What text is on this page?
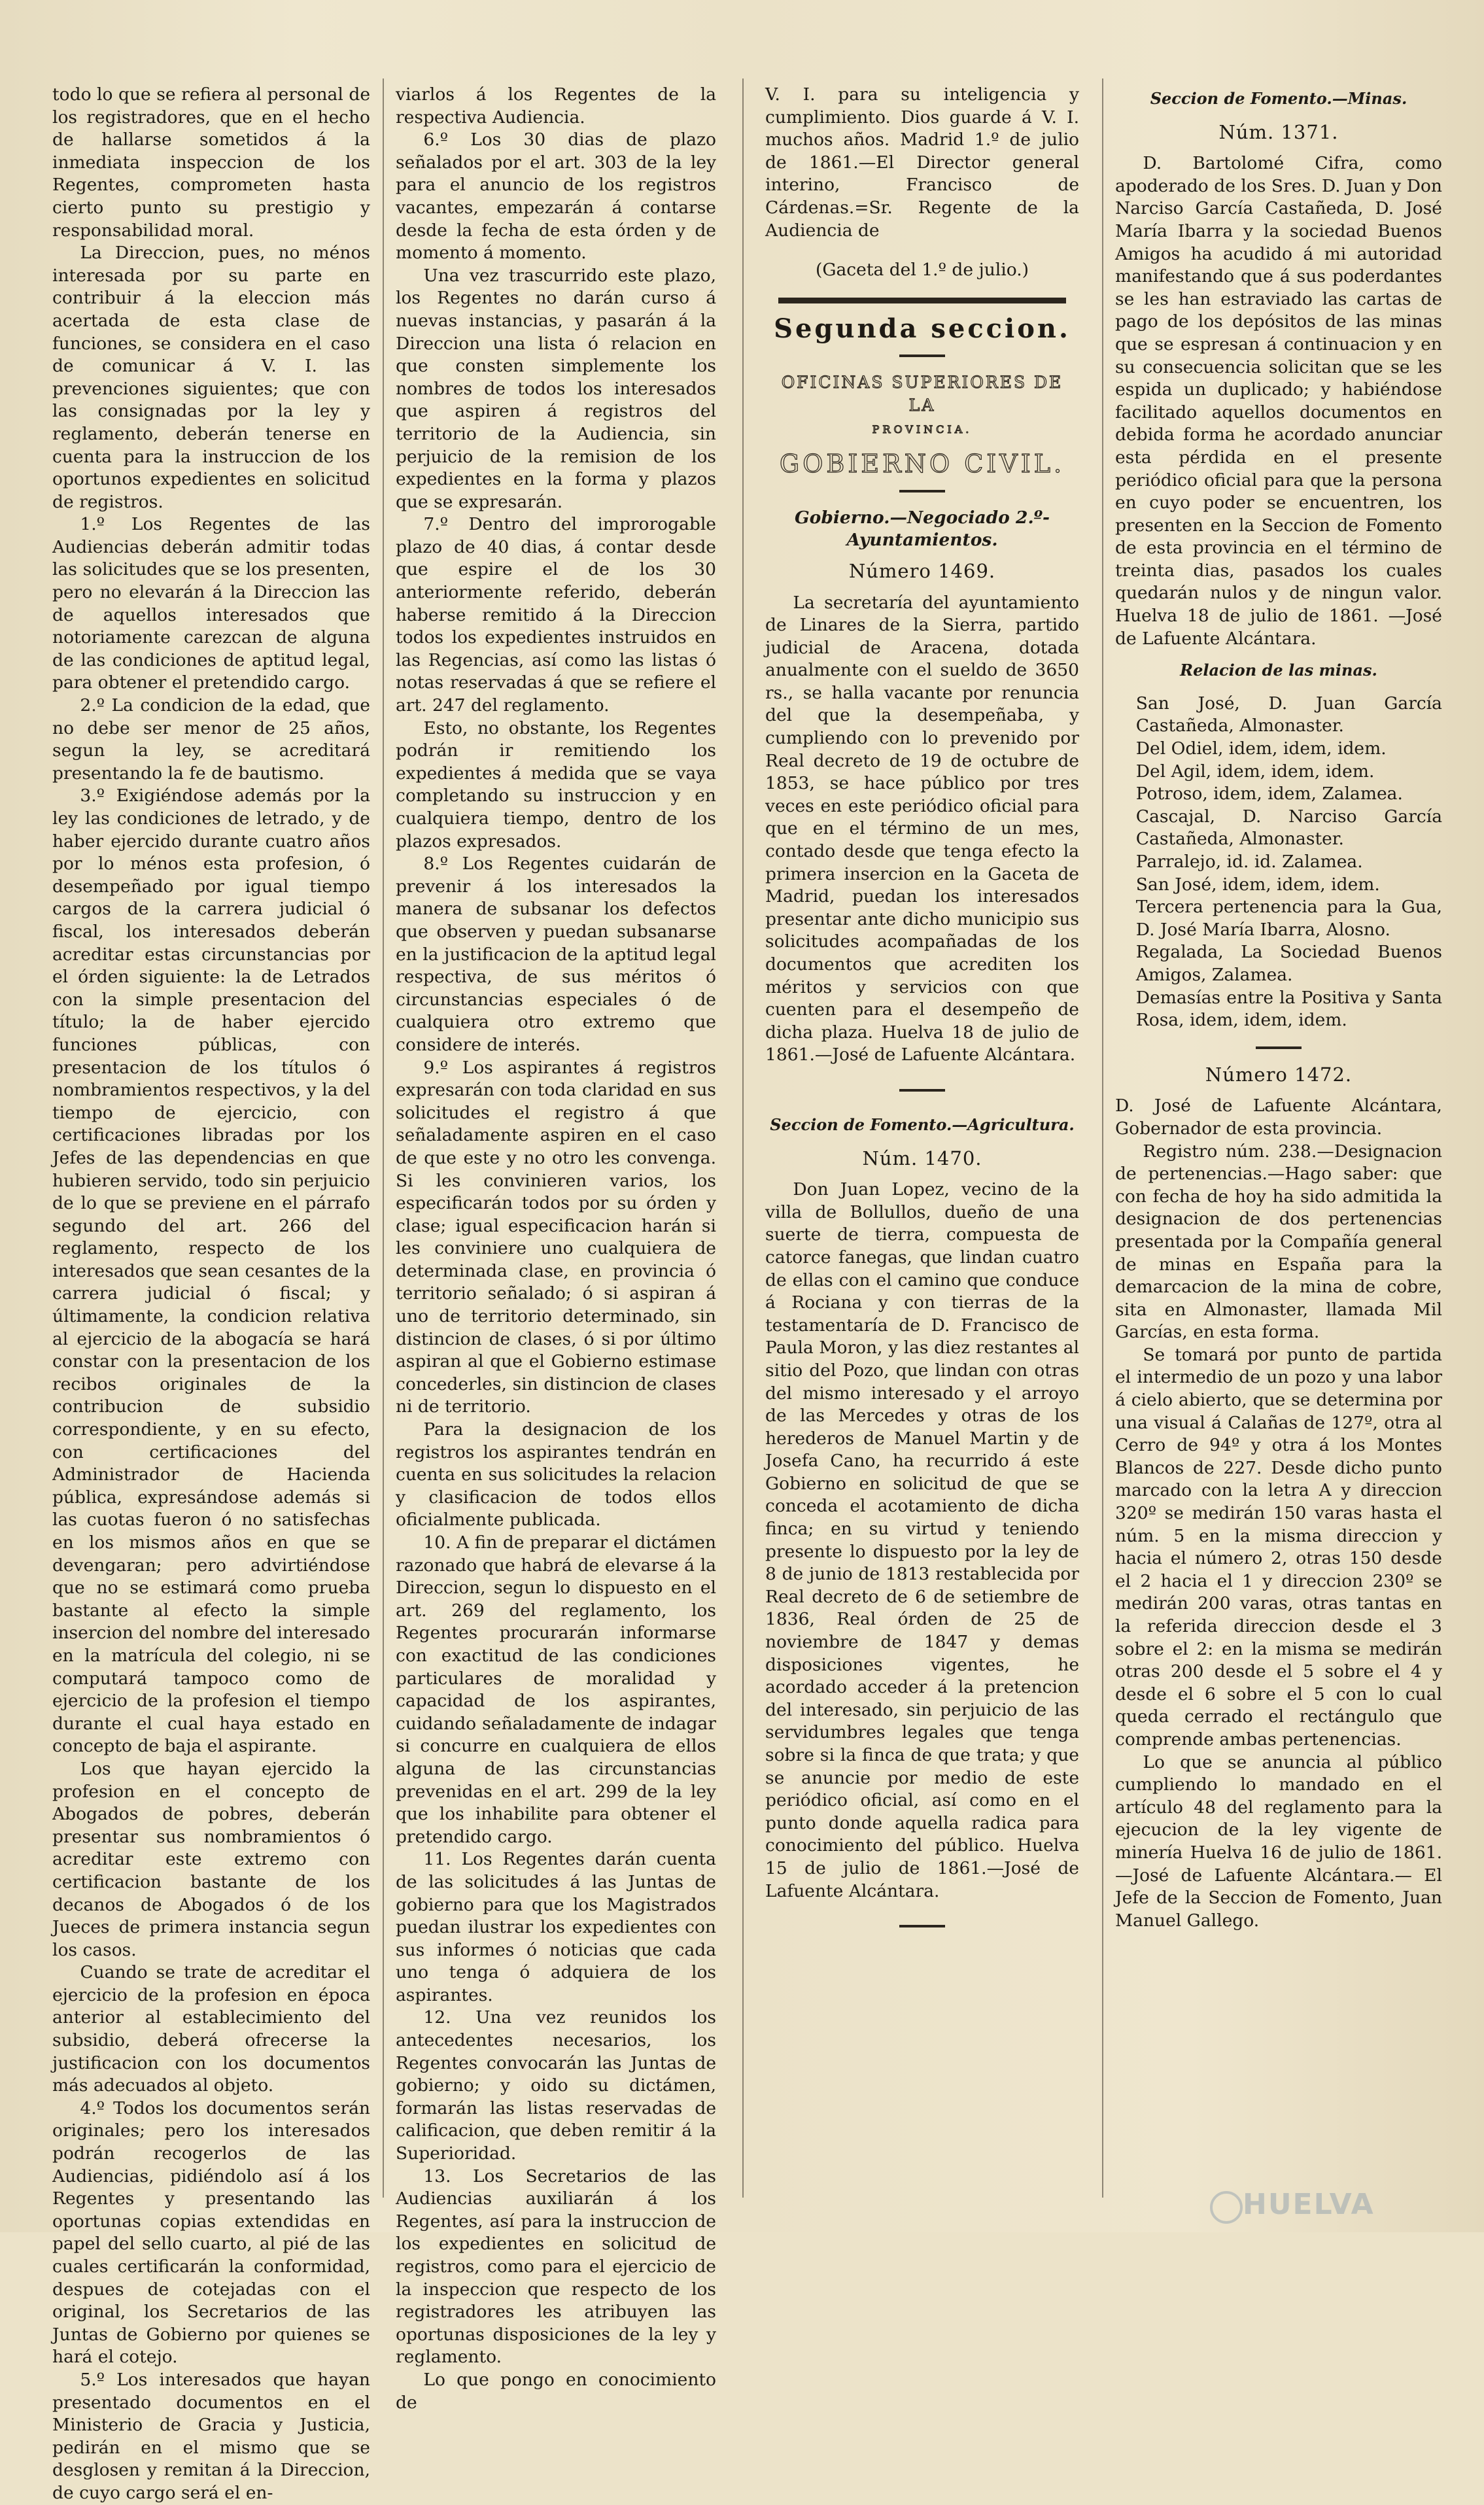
todo lo que se refiera al personal de los registradores, que en el hecho de hallarse sometidos á la inmediata inspeccion de los Regentes, comprometen hasta cierto punto su prestigio y responsabilidad moral.

La Direccion, pues, no ménos interesada por su parte en contribuir á la eleccion más acertada de esta clase de funciones, se considera en el caso de comunicar á V. I. las prevenciones siguientes; que con las consignadas por la ley y reglamento, deberán tenerse en cuenta para la instruccion de los oportunos expedientes en solicitud de registros.

1.º Los Regentes de las Audiencias deberán admitir todas las solicitudes que se los presenten, pero no elevarán á la Direccion las de aquellos interesados que notoriamente carezcan de alguna de las condiciones de aptitud legal, para obtener el pretendido cargo.

2.º La condicion de la edad, que no debe ser menor de 25 años, segun la ley, se acreditará presentando la fe de bautismo.

3.º Exigiéndose además por la ley las condiciones de letrado, y de haber ejercido durante cuatro años por lo ménos esta profesion, ó desempeñado por igual tiempo cargos de la carrera judicial ó fiscal, los interesados deberán acreditar estas circunstancias por el órden siguiente: la de Letrados con la simple presentacion del título; la de haber ejercido funciones públicas, con presentacion de los títulos ó nombramientos respectivos, y la del tiempo de ejercicio, con certificaciones libradas por los Jefes de las dependencias en que hubieren servido, todo sin perjuicio de lo que se previene en el párrafo segundo del art. 266 del reglamento, respecto de los interesados que sean cesantes de la carrera judicial ó fiscal; y últimamente, la condicion relativa al ejercicio de la abogacía se hará constar con la presentacion de los recibos originales de la contribucion de subsidio correspondiente, y en su efecto, con certificaciones del Administrador de Hacienda pública, expresándose además si las cuotas fueron ó no satisfechas en los mismos años en que se devengaran; pero advirtiéndose que no se estimará como prueba bastante al efecto la simple insercion del nombre del interesado en la matrícula del colegio, ni se computará tampoco como de ejercicio de la profesion el tiempo durante el cual haya estado en concepto de baja el aspirante.

Los que hayan ejercido la profesion en el concepto de Abogados de pobres, deberán presentar sus nombramientos ó acreditar este extremo con certificacion bastante de los decanos de Abogados ó de los Jueces de primera instancia segun los casos.

Cuando se trate de acreditar el ejercicio de la profesion en época anterior al establecimiento del subsidio, deberá ofrecerse la justificacion con los documentos más adecuados al objeto.

4.º Todos los documentos serán originales; pero los interesados podrán recogerlos de las Audiencias, pidiéndolo así á los Regentes y presentando las oportunas copias extendidas en papel del sello cuarto, al pié de las cuales certificarán la conformidad, despues de cotejadas con el original, los Secretarios de las Juntas de Gobierno por quienes se hará el cotejo.

5.º Los interesados que hayan presentado documentos en el Ministerio de Gracia y Justicia, pedirán en el mismo que se desglosen y remitan á la Direccion, de cuyo cargo será el en-

viarlos á los Regentes de la respectiva Audiencia.

6.º Los 30 dias de plazo señalados por el art. 303 de la ley para el anuncio de los registros vacantes, empezarán á contarse desde la fecha de esta órden y de momento á momento.

Una vez trascurrido este plazo, los Regentes no darán curso á nuevas instancias, y pasarán á la Direccion una lista ó relacion en que consten simplemente los nombres de todos los interesados que aspiren á registros del territorio de la Audiencia, sin perjuicio de la remision de los expedientes en la forma y plazos que se expresarán.

7.º Dentro del improrogable plazo de 40 dias, á contar desde que espire el de los 30 anteriormente referido, deberán haberse remitido á la Direccion todos los expedientes instruidos en las Regencias, así como las listas ó notas reservadas á que se refiere el art. 247 del reglamento.

Esto, no obstante, los Regentes podrán ir remitiendo los expedientes á medida que se vaya completando su instruccion y en cualquiera tiempo, dentro de los plazos expresados.

8.º Los Regentes cuidarán de prevenir á los interesados la manera de subsanar los defectos que observen y puedan subsanarse en la justificacion de la aptitud legal respectiva, de sus méritos ó circunstancias especiales ó de cualquiera otro extremo que considere de interés.

9.º Los aspirantes á registros expresarán con toda claridad en sus solicitudes el registro á que señaladamente aspiren en el caso de que este y no otro les convenga. Si les convinieren varios, los especificarán todos por su órden y clase; igual especificacion harán si les conviniere uno cualquiera de determinada clase, en provincia ó territorio señalado; ó si aspiran á uno de territorio determinado, sin distincion de clases, ó si por último aspiran al que el Gobierno estimase concederles, sin distincion de clases ni de territorio.

Para la designacion de los registros los aspirantes tendrán en cuenta en sus solicitudes la relacion y clasificacion de todos ellos oficialmente publicada.

10. A fin de preparar el dictámen razonado que habrá de elevarse á la Direccion, segun lo dispuesto en el art. 269 del reglamento, los Regentes procurarán informarse con exactitud de las condiciones particulares de moralidad y capacidad de los aspirantes, cuidando señaladamente de indagar si concurre en cualquiera de ellos alguna de las circunstancias prevenidas en el art. 299 de la ley que los inhabilite para obtener el pretendido cargo.

11. Los Regentes darán cuenta de las solicitudes á las Juntas de gobierno para que los Magistrados puedan ilustrar los expedientes con sus informes ó noticias que cada uno tenga ó adquiera de los aspirantes.

12. Una vez reunidos los antecedentes necesarios, los Regentes convocarán las Juntas de gobierno; y oido su dictámen, formarán las listas reservadas de calificacion, que deben remitir á la Superioridad.

13. Los Secretarios de las Audiencias auxiliarán á los Regentes, así para la instruccion de los expedientes en solicitud de registros, como para el ejercicio de la inspeccion que respecto de los registradores les atribuyen las oportunas disposiciones de la ley y reglamento.

Lo que pongo en conocimiento de

V. I. para su inteligencia y cumplimiento. Dios guarde á V. I. muchos años. Madrid 1.º de julio de 1861.—El Director general interino, Francisco de Cárdenas.=Sr. Regente de la Audiencia de

(Gaceta del 1.º de julio.)

Segunda seccion.
OFICINAS SUPERIORES DE LA
PROVINCIA.
GOBIERNO CIVIL.

Gobierno.—Negociado 2.º-Ayuntamientos.

Número 1469.

La secretaría del ayuntamiento de Linares de la Sierra, partido judicial de Aracena, dotada anualmente con el sueldo de 3650 rs., se halla vacante por renuncia del que la desempeñaba, y cumpliendo con lo prevenido por Real decreto de 19 de octubre de 1853, se hace público por tres veces en este periódico oficial para que en el término de un mes, contado desde que tenga efecto la primera insercion en la Gaceta de Madrid, puedan los interesados presentar ante dicho municipio sus solicitudes acompañadas de los documentos que acrediten los méritos y servicios con que cuenten para el desempeño de dicha plaza. Huelva 18 de julio de 1861.—José de Lafuente Alcántara.

Seccion de Fomento.—Agricultura.
Núm. 1470.

Don Juan Lopez, vecino de la villa de Bollullos, dueño de una suerte de tierra, compuesta de catorce fanegas, que lindan cuatro de ellas con el camino que conduce á Rociana y con tierras de la testamentaría de D. Francisco de Paula Moron, y las diez restantes al sitio del Pozo, que lindan con otras del mismo interesado y el arroyo de las Mercedes y otras de los herederos de Manuel Martin y de Josefa Cano, ha recurrido á este Gobierno en solicitud de que se conceda el acotamiento de dicha finca; en su virtud y teniendo presente lo dispuesto por la ley de 8 de junio de 1813 restablecida por Real decreto de 6 de setiembre de 1836, Real órden de 25 de noviembre de 1847 y demas disposiciones vigentes, he acordado acceder á la pretencion del interesado, sin perjuicio de las servidumbres legales que tenga sobre si la finca de que trata; y que se anuncie por medio de este periódico oficial, así como en el punto donde aquella radica para conocimiento del público. Huelva 15 de julio de 1861.—José de Lafuente Alcántara.

Seccion de Fomento.—Minas.
Núm. 1371.

D. Bartolomé Cifra, como apoderado de los Sres. D. Juan y Don Narciso García Castañeda, D. José María Ibarra y la sociedad Buenos Amigos ha acudido á mi autoridad manifestando que á sus poderdantes se les han estraviado las cartas de pago de los depósitos de las minas que se espresan á continuacion y en su consecuencia solicitan que se les espida un duplicado; y habiéndose facilitado aquellos documentos en debida forma he acordado anunciar esta pérdida en el presente periódico oficial para que la persona en cuyo poder se encuentren, los presenten en la Seccion de Fomento de esta provincia en el término de treinta dias, pasados los cuales quedarán nulos y de ningun valor. Huelva 18 de julio de 1861. —José de Lafuente Alcántara.

Relacion de las minas.

San José, D. Juan García Castañeda, Almonaster.

Del Odiel, idem, idem, idem.

Del Agil, idem, idem, idem.

Potroso, idem, idem, Zalamea.

Cascajal, D. Narciso García Castañeda, Almonaster.

Parralejo, id. id. Zalamea.

San José, idem, idem, idem.

Tercera pertenencia para la Gua, D. José María Ibarra, Alosno.

Regalada, La Sociedad Buenos Amigos, Zalamea.

Demasías entre la Positiva y Santa Rosa, idem, idem, idem.

Número 1472.

D. José de Lafuente Alcántara, Gobernador de esta provincia.

Registro núm. 238.—Designacion de pertenencias.—Hago saber: que con fecha de hoy ha sido admitida la designacion de dos pertenencias presentada por la Compañía general de minas en España para la demarcacion de la mina de cobre, sita en Almonaster, llamada Mil Garcías, en esta forma.

Se tomará por punto de partida el intermedio de un pozo y una labor á cielo abierto, que se determina por una visual á Calañas de 127º, otra al Cerro de 94º y otra á los Montes Blancos de 227. Desde dicho punto marcado con la letra A y direccion 320º se medirán 150 varas hasta el núm. 5 en la misma direccion y hacia el número 2, otras 150 desde el 2 hacia el 1 y direccion 230º se medirán 200 varas, otras tantas en la referida direccion desde el 3 sobre el 2: en la misma se medirán otras 200 desde el 5 sobre el 4 y desde el 6 sobre el 5 con lo cual queda cerrado el rectángulo que comprende ambas pertenencias.

Lo que se anuncia al público cumpliendo lo mandado en el artículo 48 del reglamento para la ejecucion de la ley vigente de minería Huelva 16 de julio de 1861. —José de Lafuente Alcántara.— El Jefe de la Seccion de Fomento, Juan Manuel Gallego.

HUELVA
